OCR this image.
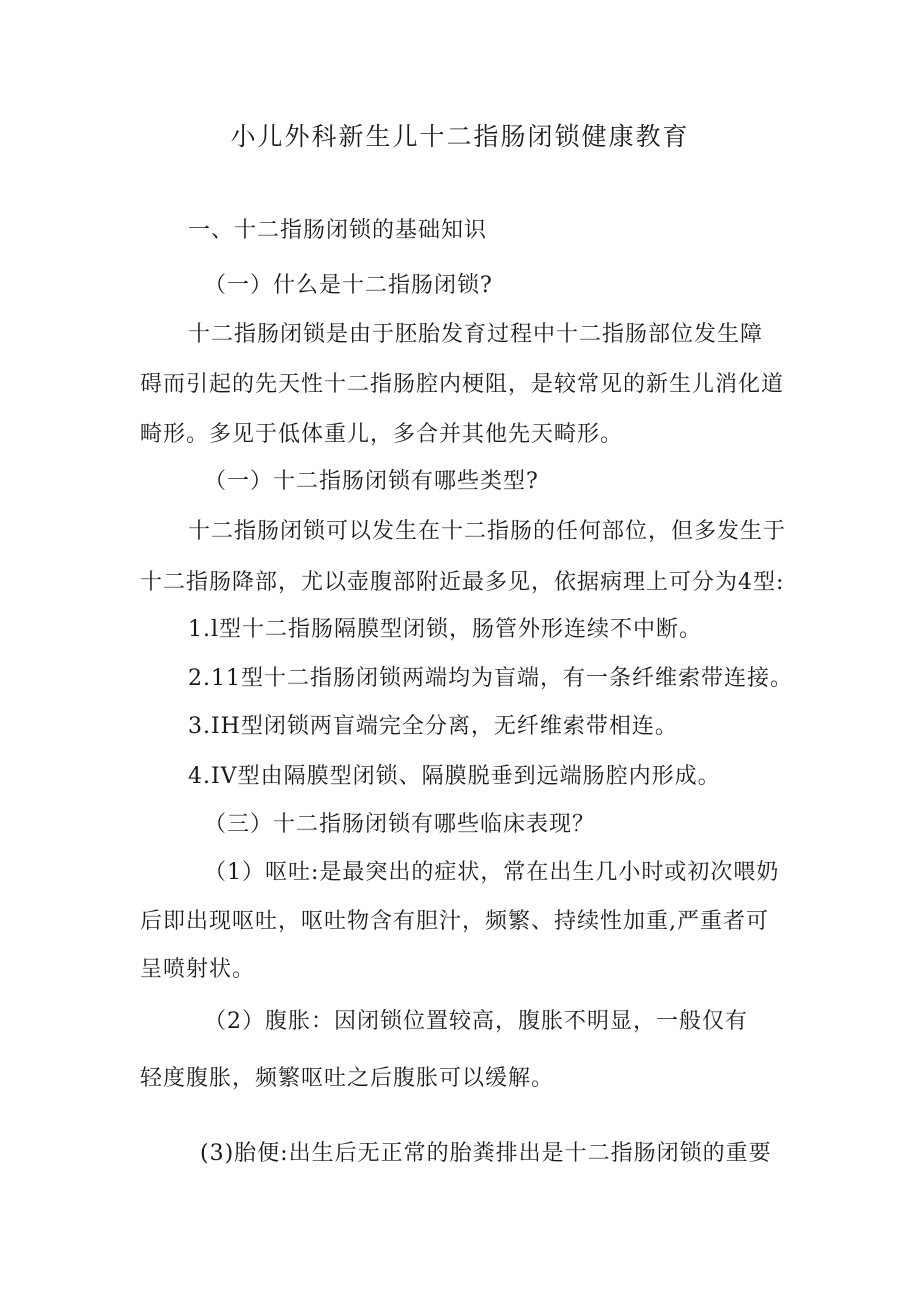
小儿外科新生儿十二指肠闭锁健康教育
一、十二指肠闭锁的基础知识
（一）什么是十二指肠闭锁?
十二指肠闭锁是由于胚胎发育过程中十二指肠部位发生障
碍而引起的先天性十二指肠腔内梗阻，是较常见的新生儿消化道
畸形。多见于低体重儿，多合并其他先天畸形。
（一）十二指肠闭锁有哪些类型?
十二指肠闭锁可以发生在十二指肠的任何部位，但多发生于
十二指肠降部，尤以壶腹部附近最多见，依据病理上可分为4型:
1.l型十二指肠隔膜型闭锁，肠管外形连续不中断。
2.11型十二指肠闭锁两端均为盲端，有一条纤维索带连接。
3.IH型闭锁两盲端完全分离，无纤维索带相连。
4.IV型由隔膜型闭锁、隔膜脱垂到远端肠腔内形成。
（三）十二指肠闭锁有哪些临床表现？
（1）呕吐:是最突出的症状，常在出生几小时或初次喂奶
后即出现呕吐，呕吐物含有胆汁，频繁、持续性加重,严重者可
呈喷射状。
（2）腹胀：因闭锁位置较高，腹胀不明显，一般仅有
轻度腹胀，频繁呕吐之后腹胀可以缓解。
(3)胎便:出生后无正常的胎粪排出是十二指肠闭锁的重要
